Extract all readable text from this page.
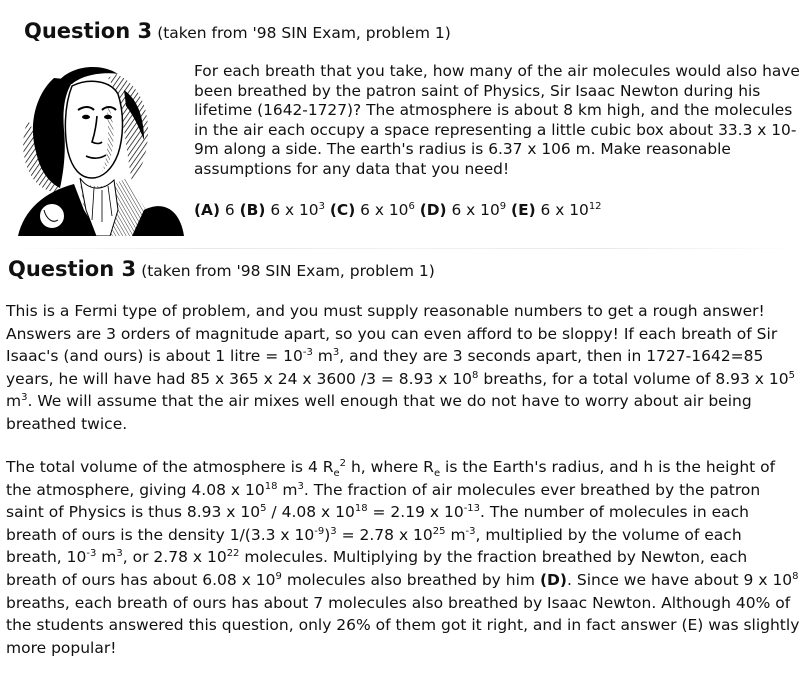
Question 3 (taken from '98 SIN Exam, problem 1)

For each breath that you take, how many of the air molecules would also have been breathed by the patron saint of Physics, Sir Isaac Newton during his lifetime (1642-1727)? The atmosphere is about 8 km high, and the molecules in the air each occupy a space representing a little cubic box about 33.3 x 10-9m along a side. The earth's radius is 6.37 x 106 m. Make reasonable assumptions for any data that you need!

(A) 6 (B) 6 x $10^3$ (C) 6 x $10^6$ (D) 6 x $10^9$ (E) 6 x $10^{12}$

Question 3 (taken from '98 SIN Exam, problem 1)

This is a Fermi type of problem, and you must supply reasonable numbers to get a rough answer! Answers are 3 orders of magnitude apart, so you can even afford to be sloppy! If each breath of Sir Isaac's (and ours) is about 1 litre = $10^{-3}$ $m^3$, and they are 3 seconds apart, then in 1727-1642=85 years, he will have had 85 x 365 x 24 x 3600 /3 = 8.93 x $10^8$ breaths, for a total volume of 8.93 x $10^5$ $m^3$. We will assume that the air mixes well enough that we do not have to worry about air being breathed twice.

The total volume of the atmosphere is 4 $R_e^2$ h, where $R_e$ is the Earth's radius, and h is the height of the atmosphere, giving 4.08 x $10^{18}$ $m^3$. The fraction of air molecules ever breathed by the patron saint of Physics is thus 8.93 x $10^5 / 4.08$ x $10^{18} = 2.19$ x $10^{-13}$. The number of molecules in each breath of ours is the density 1/(3.3 x $10^{-9})^3 = 2.78$ x $10^{25}$ $m^{-3}$, multiplied by the volume of each breath, $10^{-3}$ $m^3$, or 2.78 x $10^{22}$ molecules. Multiplying by the fraction breathed by Newton, each breath of ours has about 6.08 x $10^9$ molecules also breathed by him (D). Since we have about 9 x $10^8$ breaths, each breath of ours has about 7 molecules also breathed by Isaac Newton. Although 40% of the students answered this question, only 26% of them got it right, and in fact answer (E) was slightly more popular!
